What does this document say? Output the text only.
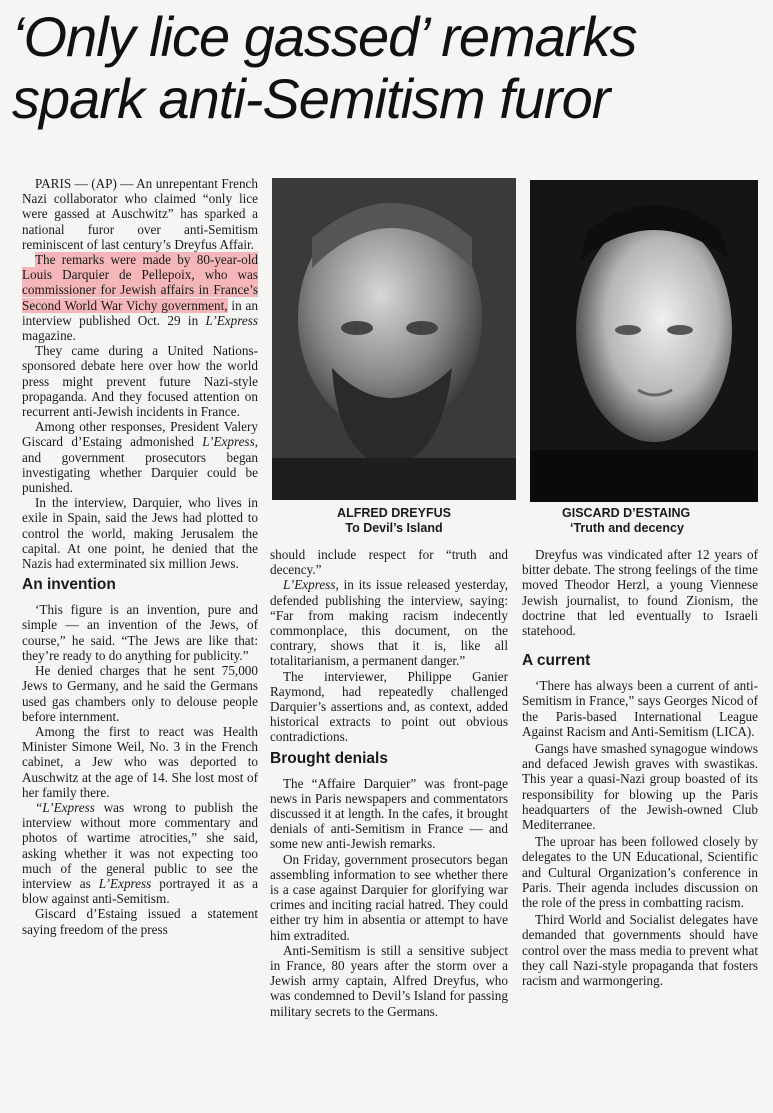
‘Only lice gassed’ remarks
spark anti-Semitism furor

PARIS — (AP) — An unrepentant French Nazi collaborator who claimed “only lice were gassed at Auschwitz” has sparked a national furor over anti-Semitism reminiscent of last century’s Dreyfus Affair.

The remarks were made by 80-year-old Louis Darquier de Pellepoix, who was commissioner for Jewish affairs in France’s Second World War Vichy government, in an interview published Oct. 29 in L’Express magazine.

They came during a United Nations-sponsored debate here over how the world press might prevent future Nazi-style propaganda. And they focused attention on recurrent anti-Jewish incidents in France.

Among other responses, President Valery Giscard d’Estaing admonished L’Express, and government prosecutors began investigating whether Darquier could be punished.

In the interview, Darquier, who lives in exile in Spain, said the Jews had plotted to control the world, making Jerusalem the capital. At one point, he denied that the Nazis had exterminated six million Jews.

An invention

‘This figure is an invention, pure and simple — an invention of the Jews, of course,” he said. “The Jews are like that: they’re ready to do anything for publicity.”

He denied charges that he sent 75,000 Jews to Germany, and he said the Germans used gas chambers only to delouse people before internment.

Among the first to react was Health Minister Simone Weil, No. 3 in the French cabinet, a Jew who was deported to Auschwitz at the age of 14. She lost most of her family there.

“L’Express was wrong to publish the interview without more commentary and photos of wartime atrocities,” she said, asking whether it was not expecting too much of the general public to see the interview as L’Express portrayed it as a blow against anti-Semitism.

Giscard d’Estaing issued a statement saying freedom of the press

ALFRED DREYFUS
To Devil’s Island
GISCARD D’ESTAING
‘Truth and decency

should include respect for “truth and decency.”

L’Express, in its issue released yesterday, defended publishing the interview, saying: “Far from making racism indecently commonplace, this document, on the contrary, shows that it is, like all totalitarianism, a permanent danger.”

The interviewer, Philippe Ganier Raymond, had repeatedly challenged Darquier’s assertions and, as context, added historical extracts to point out obvious contradictions.

Brought denials

The “Affaire Darquier” was front-page news in Paris newspapers and commentators discussed it at length. In the cafes, it brought denials of anti-Semitism in France — and some new anti-Jewish remarks.

On Friday, government prosecutors began assembling information to see whether there is a case against Darquier for glorifying war crimes and inciting racial hatred. They could either try him in absentia or attempt to have him extradited.

Anti-Semitism is still a sensitive subject in France, 80 years after the storm over a Jewish army captain, Alfred Dreyfus, who was condemned to Devil’s Island for passing military secrets to the Germans.

Dreyfus was vindicated after 12 years of bitter debate. The strong feelings of the time moved Theodor Herzl, a young Viennese Jewish journalist, to found Zionism, the doctrine that led eventually to Israeli statehood.

A current

‘There has always been a current of anti-Semitism in France,” says Georges Nicod of the Paris-based International League Against Racism and Anti-Semitism (LICA).

Gangs have smashed synagogue windows and defaced Jewish graves with swastikas. This year a quasi-Nazi group boasted of its responsibility for blowing up the Paris headquarters of the Jewish-owned Club Mediterranee.

The uproar has been followed closely by delegates to the UN Educational, Scientific and Cultural Organization’s conference in Paris. Their agenda includes discussion on the role of the press in combatting racism.

Third World and Socialist delegates have demanded that governments should have control over the mass media to prevent what they call Nazi-style propaganda that fosters racism and warmongering.
